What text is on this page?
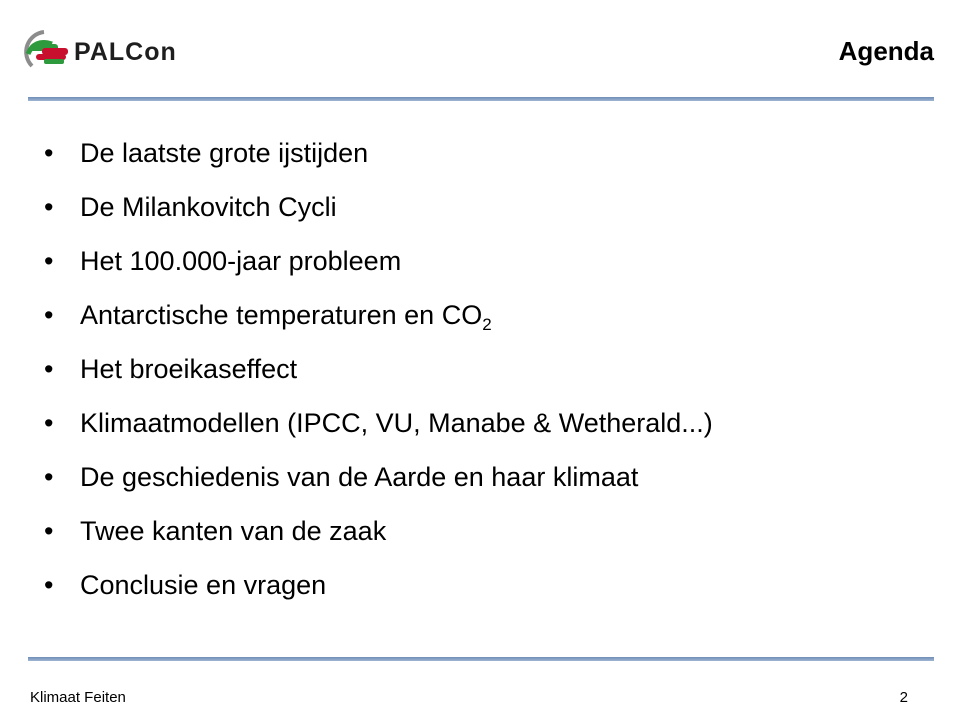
PALCon	Agenda
• De laatste grote ijstijden
• De Milankovitch Cycli
• Het 100.000-jaar probleem
• Antarctische temperaturen en $CO_2$
• Het broeikaseffect
• Klimaatmodellen (IPCC, VU, Manabe & Wetherald...)
• De geschiedenis van de Aarde en haar klimaat
• Twee kanten van de zaak
• Conclusie en vragen
Klimaat Feiten	2
